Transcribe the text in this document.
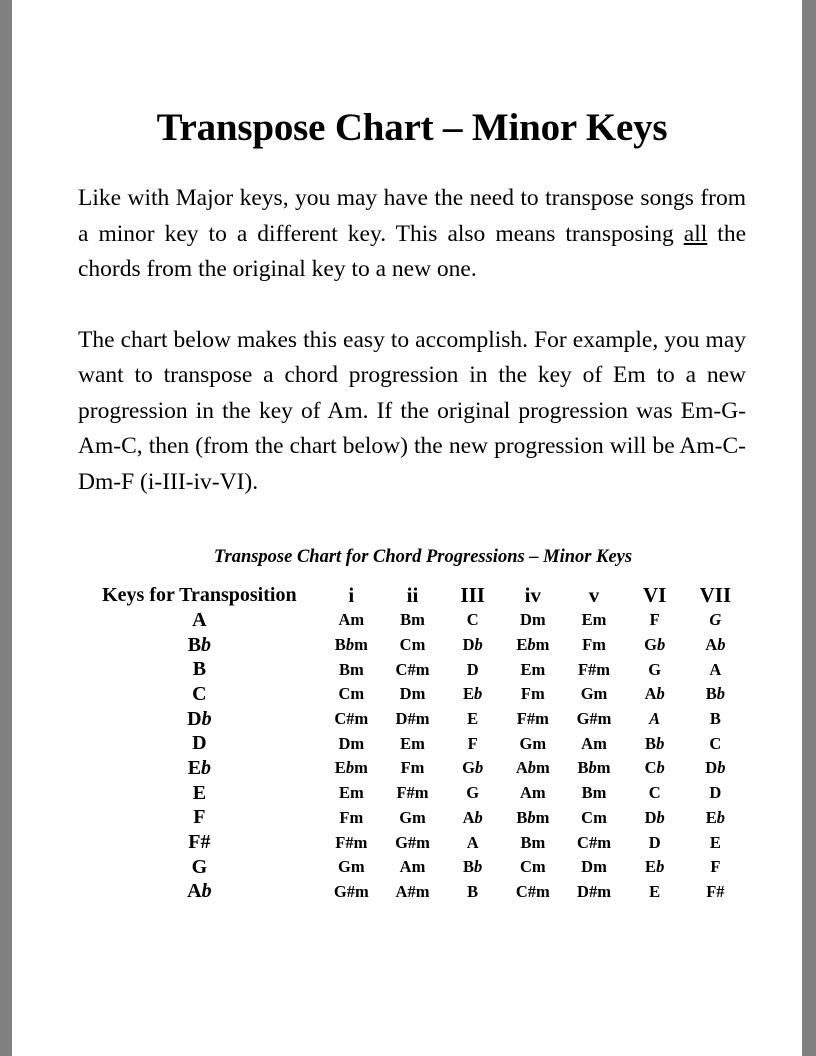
Transpose Chart – Minor Keys

Like with Major keys, you may have the need to transpose songs from a minor key to a different key. This also means transposing all the chords from the original key to a new one.

The chart below makes this easy to accomplish. For example, you may want to transpose a chord progression in the key of Em to a new progression in the key of Am. If the original progression was Em-G-Am-C, then (from the chart below) the new progression will be Am-C-Dm-F (i-III-iv-VI).

Transpose Chart for Chord Progressions – Minor Keys
Keys for Transposition	i	ii	III	iv	v	VI	VII
A	Am	Bm	C	Dm	Em	F	G
Bb	Bbm	Cm	Db	Ebm	Fm	Gb	Ab
B	Bm	C#m	D	Em	F#m	G	A
C	Cm	Dm	Eb	Fm	Gm	Ab	Bb
Db	C#m	D#m	E	F#m	G#m	A	B
D	Dm	Em	F	Gm	Am	Bb	C
Eb	Ebm	Fm	Gb	Abm	Bbm	Cb	Db
E	Em	F#m	G	Am	Bm	C	D
F	Fm	Gm	Ab	Bbm	Cm	Db	Eb
F#	F#m	G#m	A	Bm	C#m	D	E
G	Gm	Am	Bb	Cm	Dm	Eb	F
Ab	G#m	A#m	B	C#m	D#m	E	F#
